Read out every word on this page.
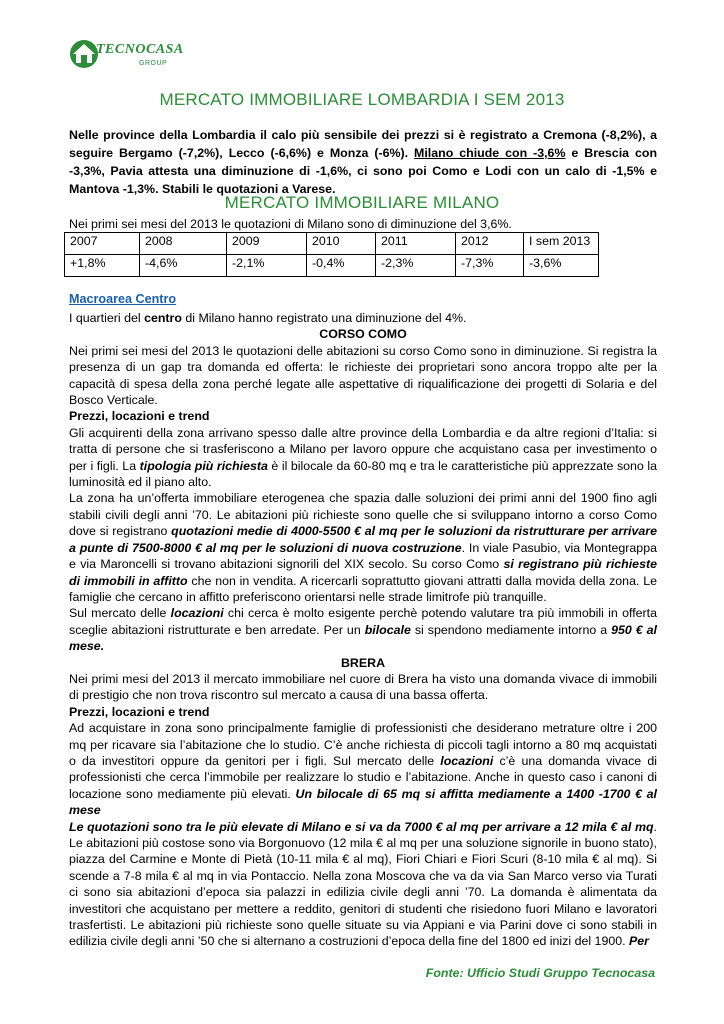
TECNOCASA
GROUP
MERCATO IMMOBILIARE LOMBARDIA I SEM 2013
Nelle province della Lombardia il calo più sensibile dei prezzi si è registrato a Cremona (-8,2%), a seguire Bergamo (-7,2%), Lecco (-6,6%) e Monza (-6%). Milano chiude con -3,6% e Brescia con -3,3%, Pavia attesta una diminuzione di -1,6%, ci sono poi Como e Lodi con un calo di -1,5% e Mantova -1,3%. Stabili le quotazioni a Varese.
MERCATO IMMOBILIARE MILANO
Nei primi sei mesi del 2013 le quotazioni di Milano sono di diminuzione del 3,6%.
2007	2008	2009	2010	2011	2012	I sem 2013
+1,8%	-4,6%	-2,1%	-0,4%	-2,3%	-7,3%	-3,6%
Macroarea Centro

I quartieri del centro di Milano hanno registrato una diminuzione del 4%.

CORSO COMO

Nei primi sei mesi del 2013 le quotazioni delle abitazioni su corso Como sono in diminuzione. Si registra la presenza di un gap tra domanda ed offerta: le richieste dei proprietari sono ancora troppo alte per la capacità di spesa della zona perché legate alle aspettative di riqualificazione dei progetti di Solaria e del Bosco Verticale.

Prezzi, locazioni e trend

Gli acquirenti della zona arrivano spesso dalle altre province della Lombardia e da altre regioni d’Italia: si tratta di persone che si trasferiscono a Milano per lavoro oppure che acquistano casa per investimento o per i figli. La tipologia più richiesta è il bilocale da 60-80 mq e tra le caratteristiche più apprezzate sono la luminosità ed il piano alto.

La zona ha un’offerta immobiliare eterogenea che spazia dalle soluzioni dei primi anni del 1900 fino agli stabili civili degli anni ’70. Le abitazioni più richieste sono quelle che si sviluppano intorno a corso Como dove si registrano quotazioni medie di 4000-5500 € al mq per le soluzioni da ristrutturare per arrivare a punte di 7500-8000 € al mq per le soluzioni di nuova costruzione. In viale Pasubio, via Montegrappa e via Maroncelli si trovano abitazioni signorili del XIX secolo. Su corso Como si registrano più richieste di immobili in affitto che non in vendita. A ricercarli soprattutto giovani attratti dalla movida della zona. Le famiglie che cercano in affitto preferiscono orientarsi nelle strade limitrofe più tranquille.

Sul mercato delle locazioni chi cerca è molto esigente perchè potendo valutare tra più immobili in offerta sceglie abitazioni ristrutturate e ben arredate. Per un bilocale si spendono mediamente intorno a 950 € al mese.

BRERA

Nei primi mesi del 2013 il mercato immobiliare nel cuore di Brera ha visto una domanda vivace di immobili di prestigio che non trova riscontro sul mercato a causa di una bassa offerta.

Prezzi, locazioni e trend

Ad acquistare in zona sono principalmente famiglie di professionisti che desiderano metrature oltre i 200 mq per ricavare sia l’abitazione che lo studio. C’è anche richiesta di piccoli tagli intorno a 80 mq acquistati o da investitori oppure da genitori per i figli. Sul mercato delle locazioni c’è una domanda vivace di professionisti che cerca l’immobile per realizzare lo studio e l’abitazione. Anche in questo caso i canoni di locazione sono mediamente più elevati. Un bilocale di 65 mq si affitta mediamente a 1400 -1700 € al mese

Le quotazioni sono tra le più elevate di Milano e si va da 7000 € al mq per arrivare a 12 mila € al mq. Le abitazioni più costose sono via Borgonuovo (12 mila € al mq per una soluzione signorile in buono stato), piazza del Carmine e Monte di Pietà (10-11 mila € al mq), Fiori Chiari e Fiori Scuri (8-10 mila € al mq). Si scende a 7-8 mila € al mq in via Pontaccio. Nella zona Moscova che va da via San Marco verso via Turati ci sono sia abitazioni d’epoca sia palazzi in edilizia civile degli anni ’70. La domanda è alimentata da investitori che acquistano per mettere a reddito, genitori di studenti che risiedono fuori Milano e lavoratori trasfertisti. Le abitazioni più richieste sono quelle situate su via Appiani e via Parini dove ci sono stabili in edilizia civile degli anni ’50 che si alternano a costruzioni d’epoca della fine del 1800 ed inizi del 1900. Per

Fonte: Ufficio Studi Gruppo Tecnocasa
